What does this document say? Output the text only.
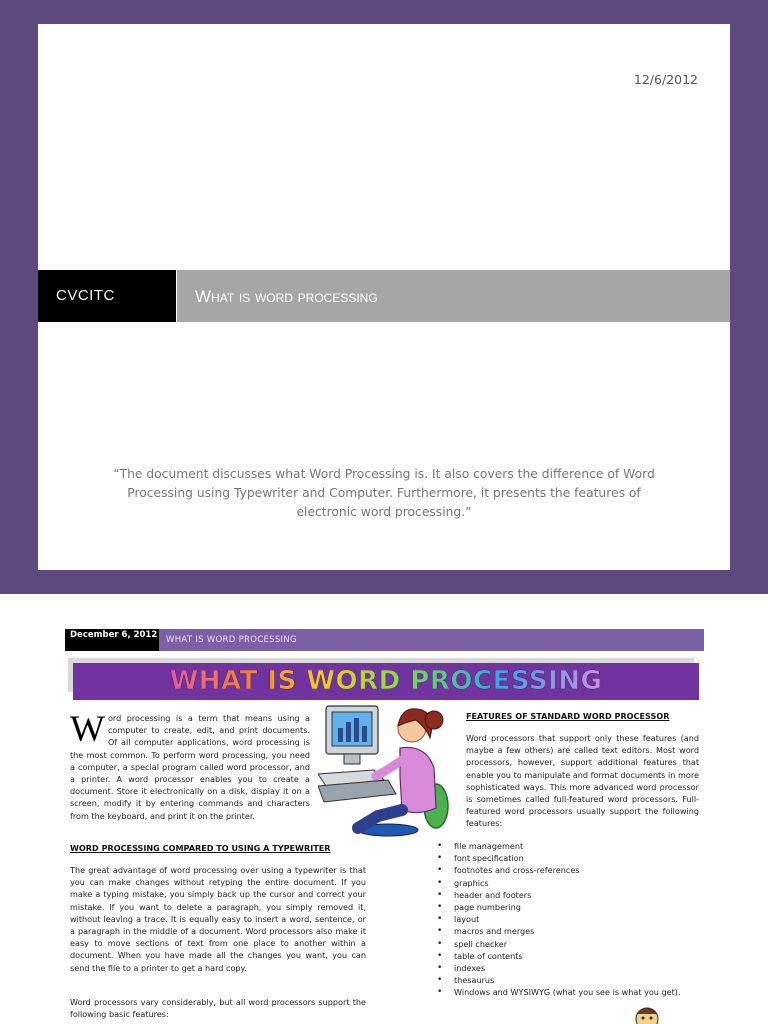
12/6/2012
CVCITC	What is word processing
“The document discusses what Word Processing is. It also covers the difference of Word Processing using Typewriter and Computer. Furthermore, it presents the features of electronic word processing.”
December 6, 2012	WHAT IS WORD PROCESSING
WHAT IS WORD PROCESSING
Word processing is a term that means using a computer to create, edit, and print documents. Of all computer applications, word processing is the most common. To perform word processing, you need a computer, a special program called word processor, and a printer. A word processor enables you to create a document. Store it electronically on a disk, display it on a screen, modify it by entering commands and characters from the keyboard, and print it on the printer.
WORD PROCESSING COMPARED TO USING A TYPEWRITER
The great advantage of word processing over using a typewriter is that you can make changes without retyping the entire document. If you make a typing mistake, you simply back up the cursor and correct your mistake. If you want to delete a paragraph, you simply removed it, without leaving a trace. It is equally easy to insert a word, sentence, or a paragraph in the middle of a document. Word processors also make it easy to move sections of text from one place to another within a document. When you have made all the changes you want, you can send the file to a printer to get a hard copy.
Word processors vary considerably, but all word processors support the following basic features:
FEATURES OF STANDARD WORD PROCESSOR
Word processors that support only these features (and maybe a few others) are called text editors. Most word processors, however, support additional features that enable you to manipulate and format documents in more sophisticated ways. This more advanced word processor is sometimes called full-featured word processors. Full-featured word processors usually support the following features:
• file management
• font specification
• footnotes and cross-references
• graphics
• header and footers
• page numbering
• layout
• macros and merges
• spell checker
• table of contents
• indexes
• thesaurus
• Windows and WYSIWYG (what you see is what you get).
